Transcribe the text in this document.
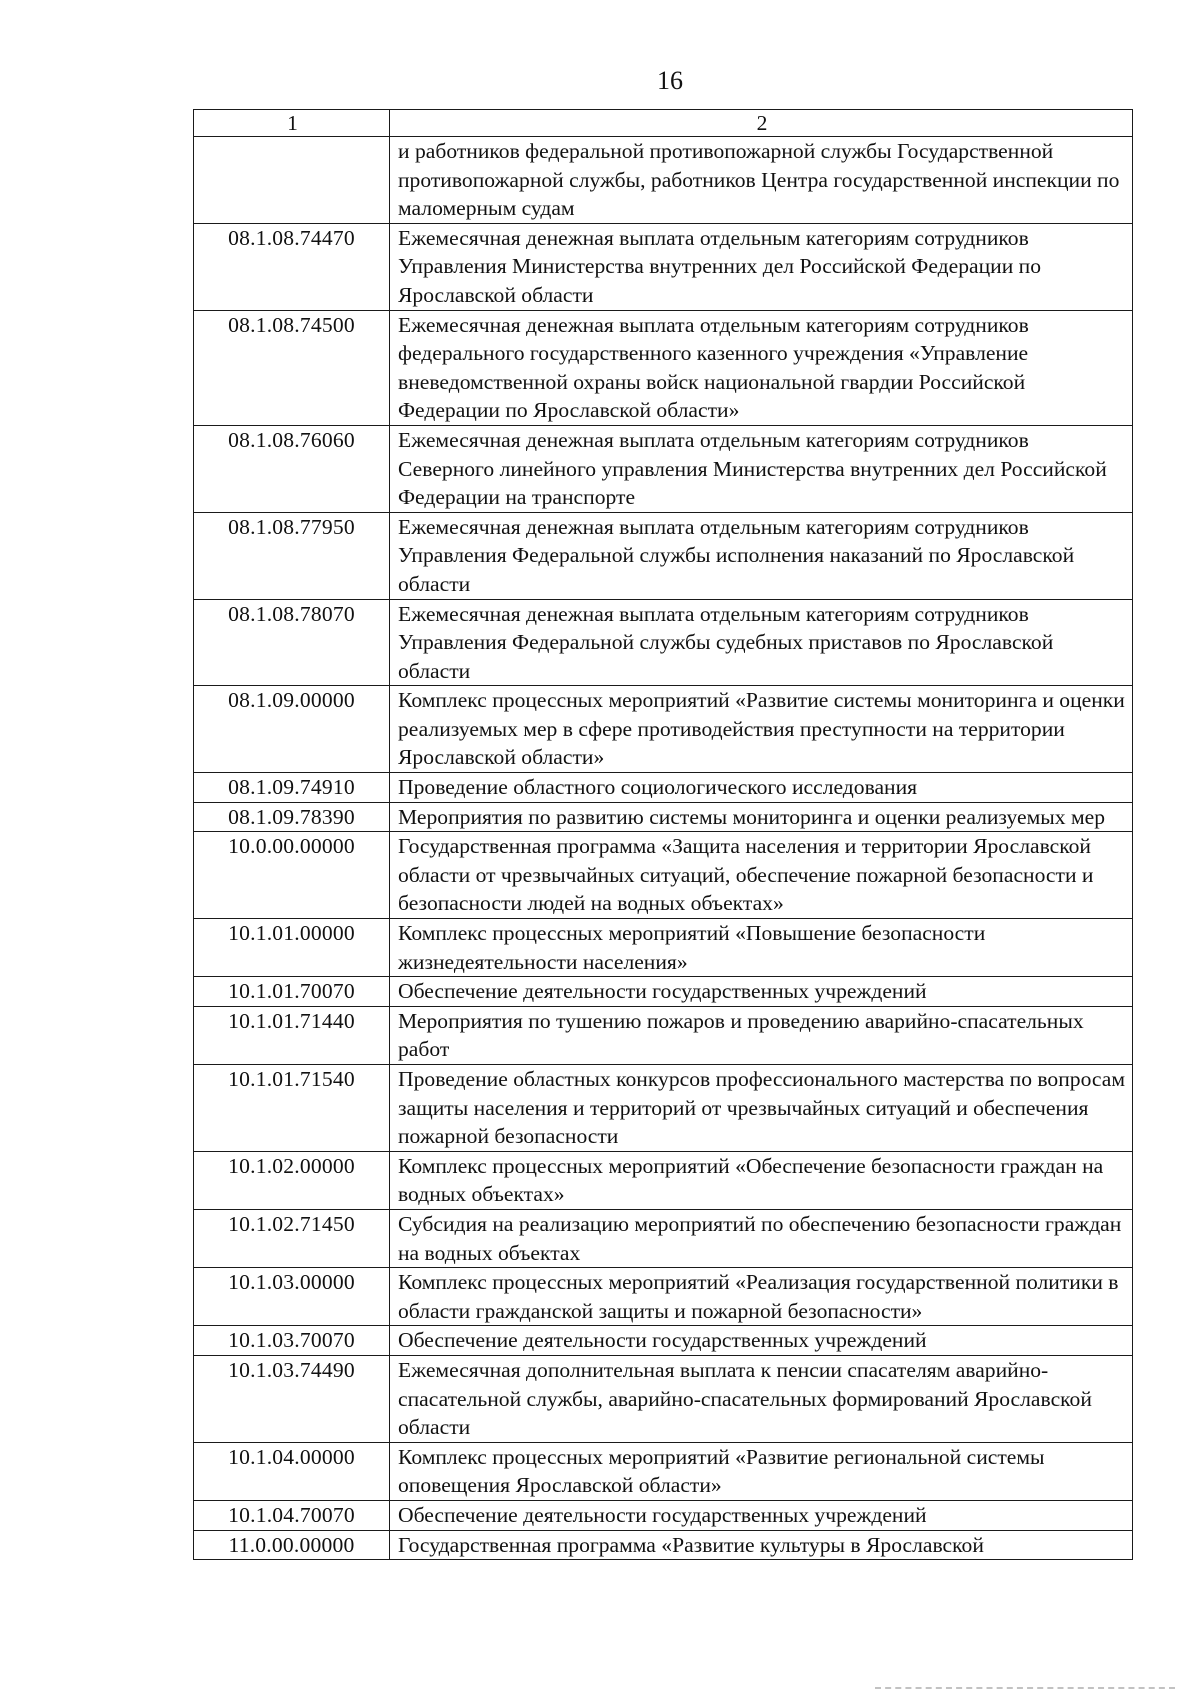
16
1	2
	и работников федеральной противопожарной службы Государственной противопожарной службы, работников Центра государственной инспекции по маломерным судам
08.1.08.74470	Ежемесячная денежная выплата отдельным категориям сотрудников Управления Министерства внутренних дел Российской Федерации по Ярославской области
08.1.08.74500	Ежемесячная денежная выплата отдельным категориям сотрудников федерального государственного казенного учреждения «Управление вневедомственной охраны войск национальной гвардии Российской Федерации по Ярославской области»
08.1.08.76060	Ежемесячная денежная выплата отдельным категориям сотрудников Северного линейного управления Министерства внутренних дел Российской Федерации на транспорте
08.1.08.77950	Ежемесячная денежная выплата отдельным категориям сотрудников Управления Федеральной службы исполнения наказаний по Ярославской области
08.1.08.78070	Ежемесячная денежная выплата отдельным категориям сотрудников Управления Федеральной службы судебных приставов по Ярославской области
08.1.09.00000	Комплекс процессных мероприятий «Развитие системы мониторинга и оценки реализуемых мер в сфере противодействия преступности на территории Ярославской области»
08.1.09.74910	Проведение областного социологического исследования
08.1.09.78390	Мероприятия по развитию системы мониторинга и оценки реализуемых мер
10.0.00.00000	Государственная программа «Защита населения и территории Ярославской области от чрезвычайных ситуаций, обеспечение пожарной безопасности и безопасности людей на водных объектах»
10.1.01.00000	Комплекс процессных мероприятий «Повышение безопасности жизнедеятельности населения»
10.1.01.70070	Обеспечение деятельности государственных учреждений
10.1.01.71440	Мероприятия по тушению пожаров и проведению аварийно-спасательных работ
10.1.01.71540	Проведение областных конкурсов профессионального мастерства по вопросам защиты населения и территорий от чрезвычайных ситуаций и обеспечения пожарной безопасности
10.1.02.00000	Комплекс процессных мероприятий «Обеспечение безопасности граждан на водных объектах»
10.1.02.71450	Субсидия на реализацию мероприятий по обеспечению безопасности граждан на водных объектах
10.1.03.00000	Комплекс процессных мероприятий «Реализация государственной политики в области гражданской защиты и пожарной безопасности»
10.1.03.70070	Обеспечение деятельности государственных учреждений
10.1.03.74490	Ежемесячная дополнительная выплата к пенсии спасателям аварийно-спасательной службы, аварийно-спасательных формирований Ярославской области
10.1.04.00000	Комплекс процессных мероприятий «Развитие региональной системы оповещения Ярославской области»
10.1.04.70070	Обеспечение деятельности государственных учреждений
11.0.00.00000	Государственная программа «Развитие культуры в Ярославской
